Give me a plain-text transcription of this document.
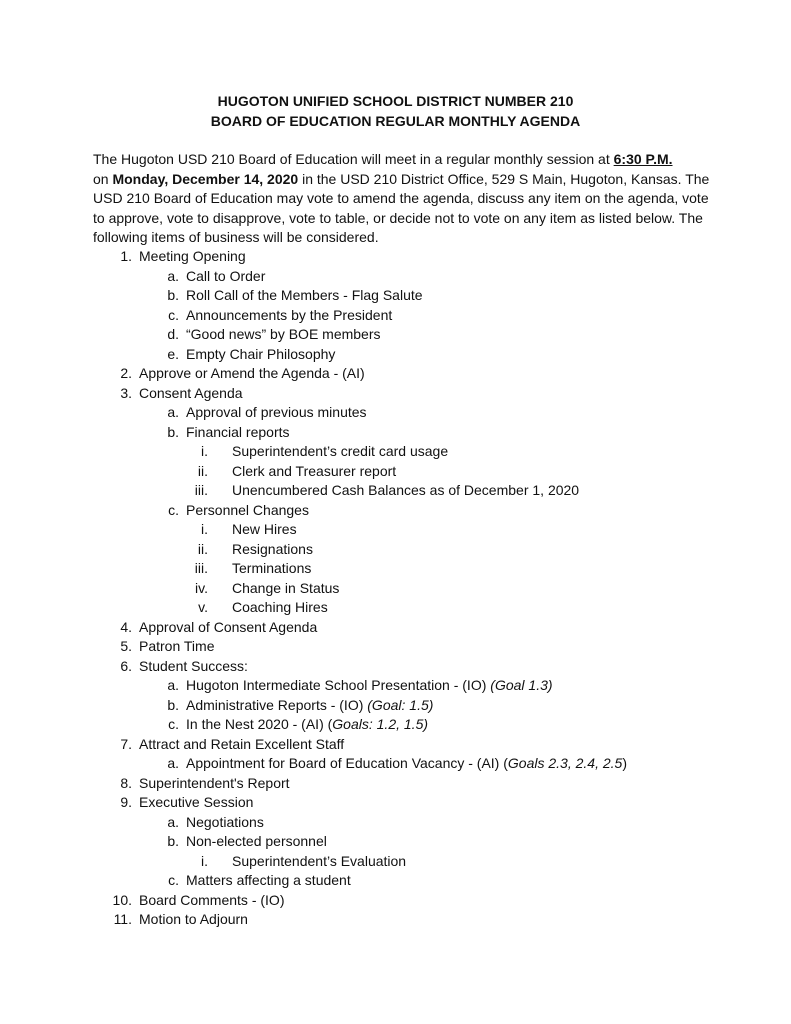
HUGOTON UNIFIED SCHOOL DISTRICT NUMBER 210
BOARD OF EDUCATION REGULAR MONTHLY AGENDA

The Hugoton USD 210 Board of Education will meet in a regular monthly session at 6:30 P.M.
on Monday, December 14, 2020 in the USD 210 District Office, 529 S Main, Hugoton, Kansas. The USD 210 Board of Education may vote to amend the agenda, discuss any item on the agenda, vote to approve, vote to disapprove, vote to table, or decide not to vote on any item as listed below. The following items of business will be considered.

1. Meeting Opening
a. Call to Order
b. Roll Call of the Members - Flag Salute
c. Announcements by the President
d. “Good news” by BOE members
e. Empty Chair Philosophy
2. Approve or Amend the Agenda - (AI)
3. Consent Agenda
a. Approval of previous minutes
b. Financial reports
i. Superintendent’s credit card usage
ii. Clerk and Treasurer report
iii. Unencumbered Cash Balances as of December 1, 2020
c. Personnel Changes
i. New Hires
ii. Resignations
iii. Terminations
iv. Change in Status
v. Coaching Hires
4. Approval of Consent Agenda
5. Patron Time
6. Student Success:
a. Hugoton Intermediate School Presentation - (IO) (Goal 1.3)
b. Administrative Reports - (IO) (Goal: 1.5)
c. In the Nest 2020 - (AI) (Goals: 1.2, 1.5)
7. Attract and Retain Excellent Staff
a. Appointment for Board of Education Vacancy - (AI) (Goals 2.3, 2.4, 2.5)
8. Superintendent's Report
9. Executive Session
a. Negotiations
b. Non-elected personnel
i. Superintendent’s Evaluation
c. Matters affecting a student
10. Board Comments - (IO)
11. Motion to Adjourn
